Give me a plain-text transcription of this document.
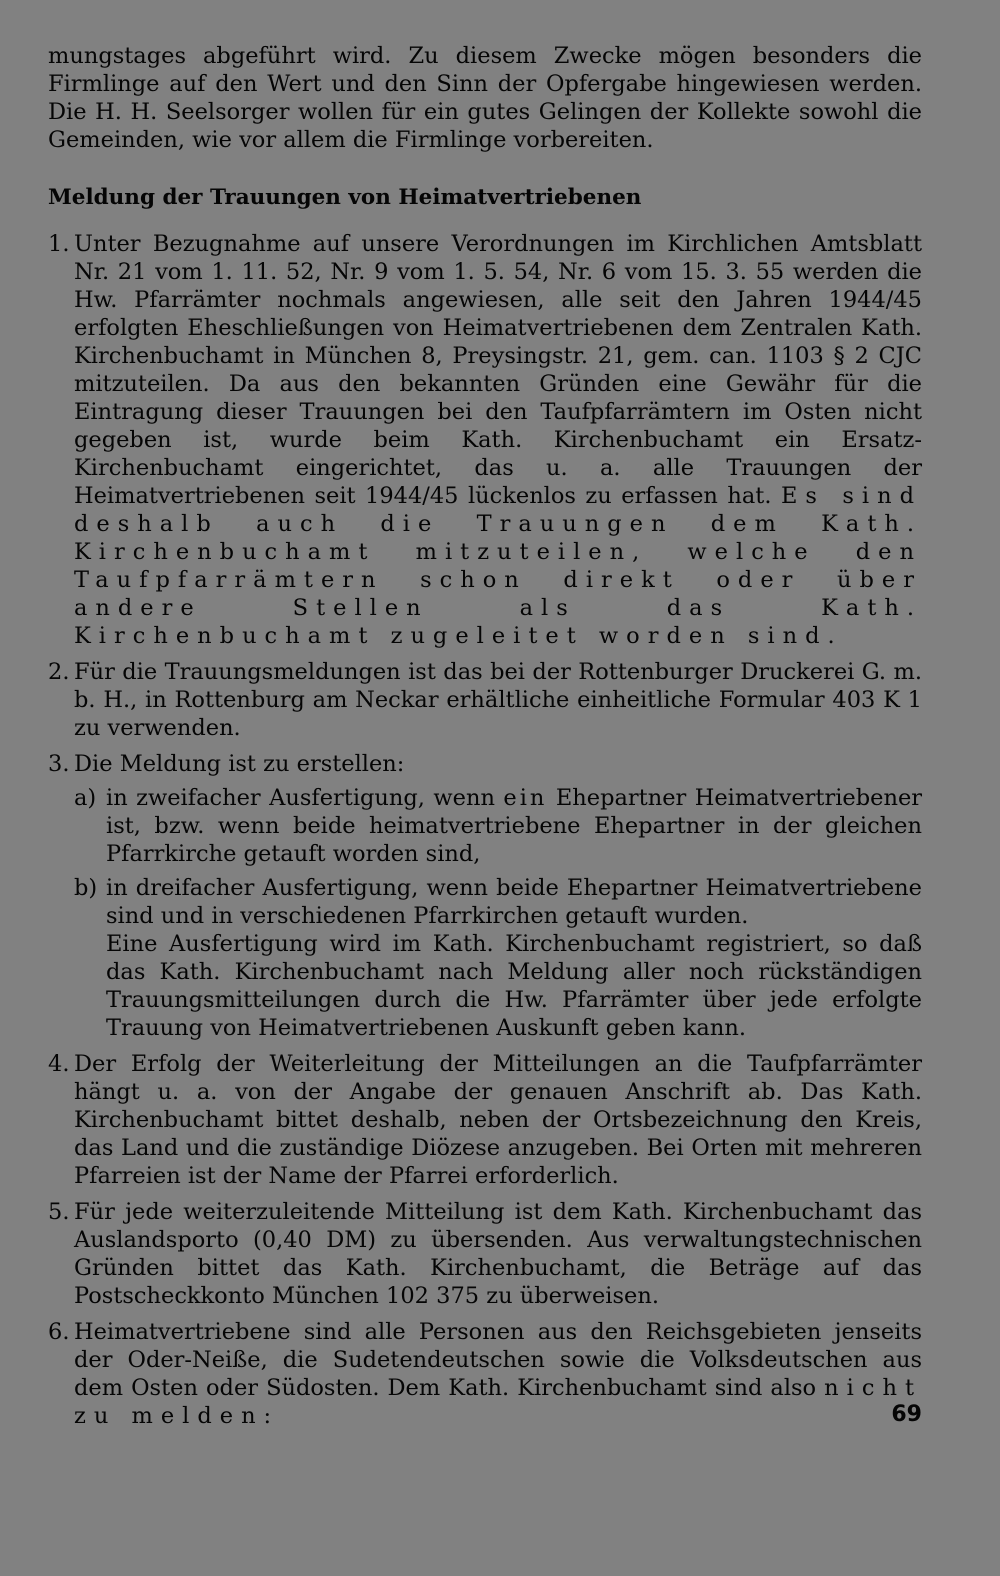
mungstages abgeführt wird. Zu diesem Zwecke mögen besonders die Firmlinge auf den Wert und den Sinn der Opfergabe hingewiesen werden. Die H. H. Seelsorger wollen für ein gutes Gelingen der Kollekte sowohl die Gemeinden, wie vor allem die Firmlinge vorbereiten.

Meldung der Trauungen von Heimatvertriebenen
1. Unter Bezugnahme auf unsere Verordnungen im Kirchlichen Amtsblatt Nr. 21 vom 1. 11. 52, Nr. 9 vom 1. 5. 54, Nr. 6 vom 15. 3. 55 werden die Hw. Pfarrämter nochmals angewiesen, alle seit den Jahren 1944/45 erfolgten Eheschließungen von Heimatvertriebenen dem Zentralen Kath. Kirchenbuchamt in München 8, Preysingstr. 21, gem. can. 1103 § 2 CJC mitzuteilen. Da aus den bekannten Gründen eine Gewähr für die Eintragung dieser Trauungen bei den Taufpfarrämtern im Osten nicht gegeben ist, wurde beim Kath. Kirchenbuchamt ein Ersatz-Kirchenbuchamt eingerichtet, das u. a. alle Trauungen der Heimatvertriebenen seit 1944/45 lückenlos zu erfassen hat. Es sind deshalb auch die Trauungen dem Kath. Kirchenbuchamt mitzuteilen, welche den Taufpfarrämtern schon direkt oder über andere Stellen als das Kath. Kirchenbuchamt zugeleitet worden sind.
2. Für die Trauungsmeldungen ist das bei der Rottenburger Druckerei G. m. b. H., in Rottenburg am Neckar erhältliche einheitliche Formular 403 K 1 zu verwenden.
3. Die Meldung ist zu erstellen:
a) in zweifacher Ausfertigung, wenn ein Ehepartner Heimatvertriebener ist, bzw. wenn beide heimatvertriebene Ehepartner in der gleichen Pfarrkirche getauft worden sind,
b) in dreifacher Ausfertigung, wenn beide Ehepartner Heimatvertriebene sind und in verschiedenen Pfarrkirchen getauft wurden.

Eine Ausfertigung wird im Kath. Kirchenbuchamt registriert, so daß das Kath. Kirchenbuchamt nach Meldung aller noch rückständigen Trauungsmitteilungen durch die Hw. Pfarrämter über jede erfolgte Trauung von Heimatvertriebenen Auskunft geben kann.

4. Der Erfolg der Weiterleitung der Mitteilungen an die Taufpfarrämter hängt u. a. von der Angabe der genauen Anschrift ab. Das Kath. Kirchenbuchamt bittet deshalb, neben der Ortsbezeichnung den Kreis, das Land und die zuständige Diözese anzugeben. Bei Orten mit mehreren Pfarreien ist der Name der Pfarrei erforderlich.
5. Für jede weiterzuleitende Mitteilung ist dem Kath. Kirchenbuchamt das Auslandsporto (0,40 DM) zu übersenden. Aus verwaltungstechnischen Gründen bittet das Kath. Kirchenbuchamt, die Beträge auf das Postscheckkonto München 102 375 zu überweisen.
6. Heimatvertriebene sind alle Personen aus den Reichsgebieten jenseits der Oder-Neiße, die Sudetendeutschen sowie die Volksdeutschen aus dem Osten oder Südosten. Dem Kath. Kirchenbuchamt sind also nicht zu melden:	69
